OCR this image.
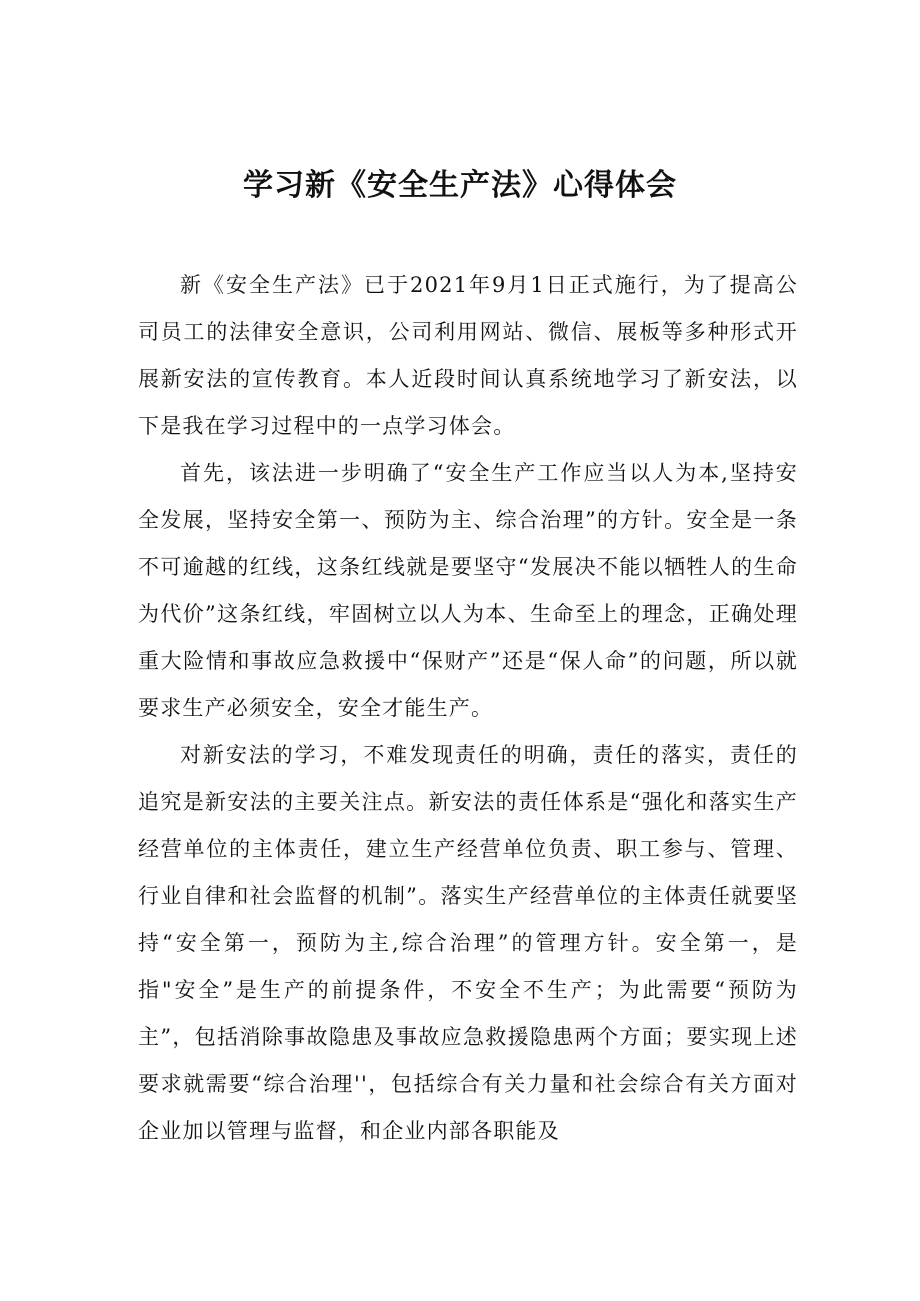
学习新《安全生产法》心得体会

新《安全生产法》已于2021年9月1日正式施行，为了提高公司员工的法律安全意识，公司利用网站、微信、展板等多种形式开展新安法的宣传教育。本人近段时间认真系统地学习了新安法，以下是我在学习过程中的一点学习体会。

首先，该法进一步明确了“安全生产工作应当以人为本,坚持安全发展，坚持安全第一、预防为主、综合治理”的方针。安全是一条不可逾越的红线，这条红线就是要坚守“发展决不能以牺牲人的生命为代价”这条红线，牢固树立以人为本、生命至上的理念，正确处理重大险情和事故应急救援中“保财产”还是“保人命”的问题，所以就要求生产必须安全，安全才能生产。

对新安法的学习，不难发现责任的明确，责任的落实，责任的追究是新安法的主要关注点。新安法的责任体系是“强化和落实生产经营单位的主体责任，建立生产经营单位负责、职工参与、管理、行业自律和社会监督的机制”。落实生产经营单位的主体责任就要坚持“安全第一，预防为主,综合治理”的管理方针。安全第一，是指"安全”是生产的前提条件，不安全不生产；为此需要“预防为主”，包括消除事故隐患及事故应急救援隐患两个方面；要实现上述要求就需要“综合治理''，包括综合有关力量和社会综合有关方面对企业加以管理与监督，和企业内部各职能及
